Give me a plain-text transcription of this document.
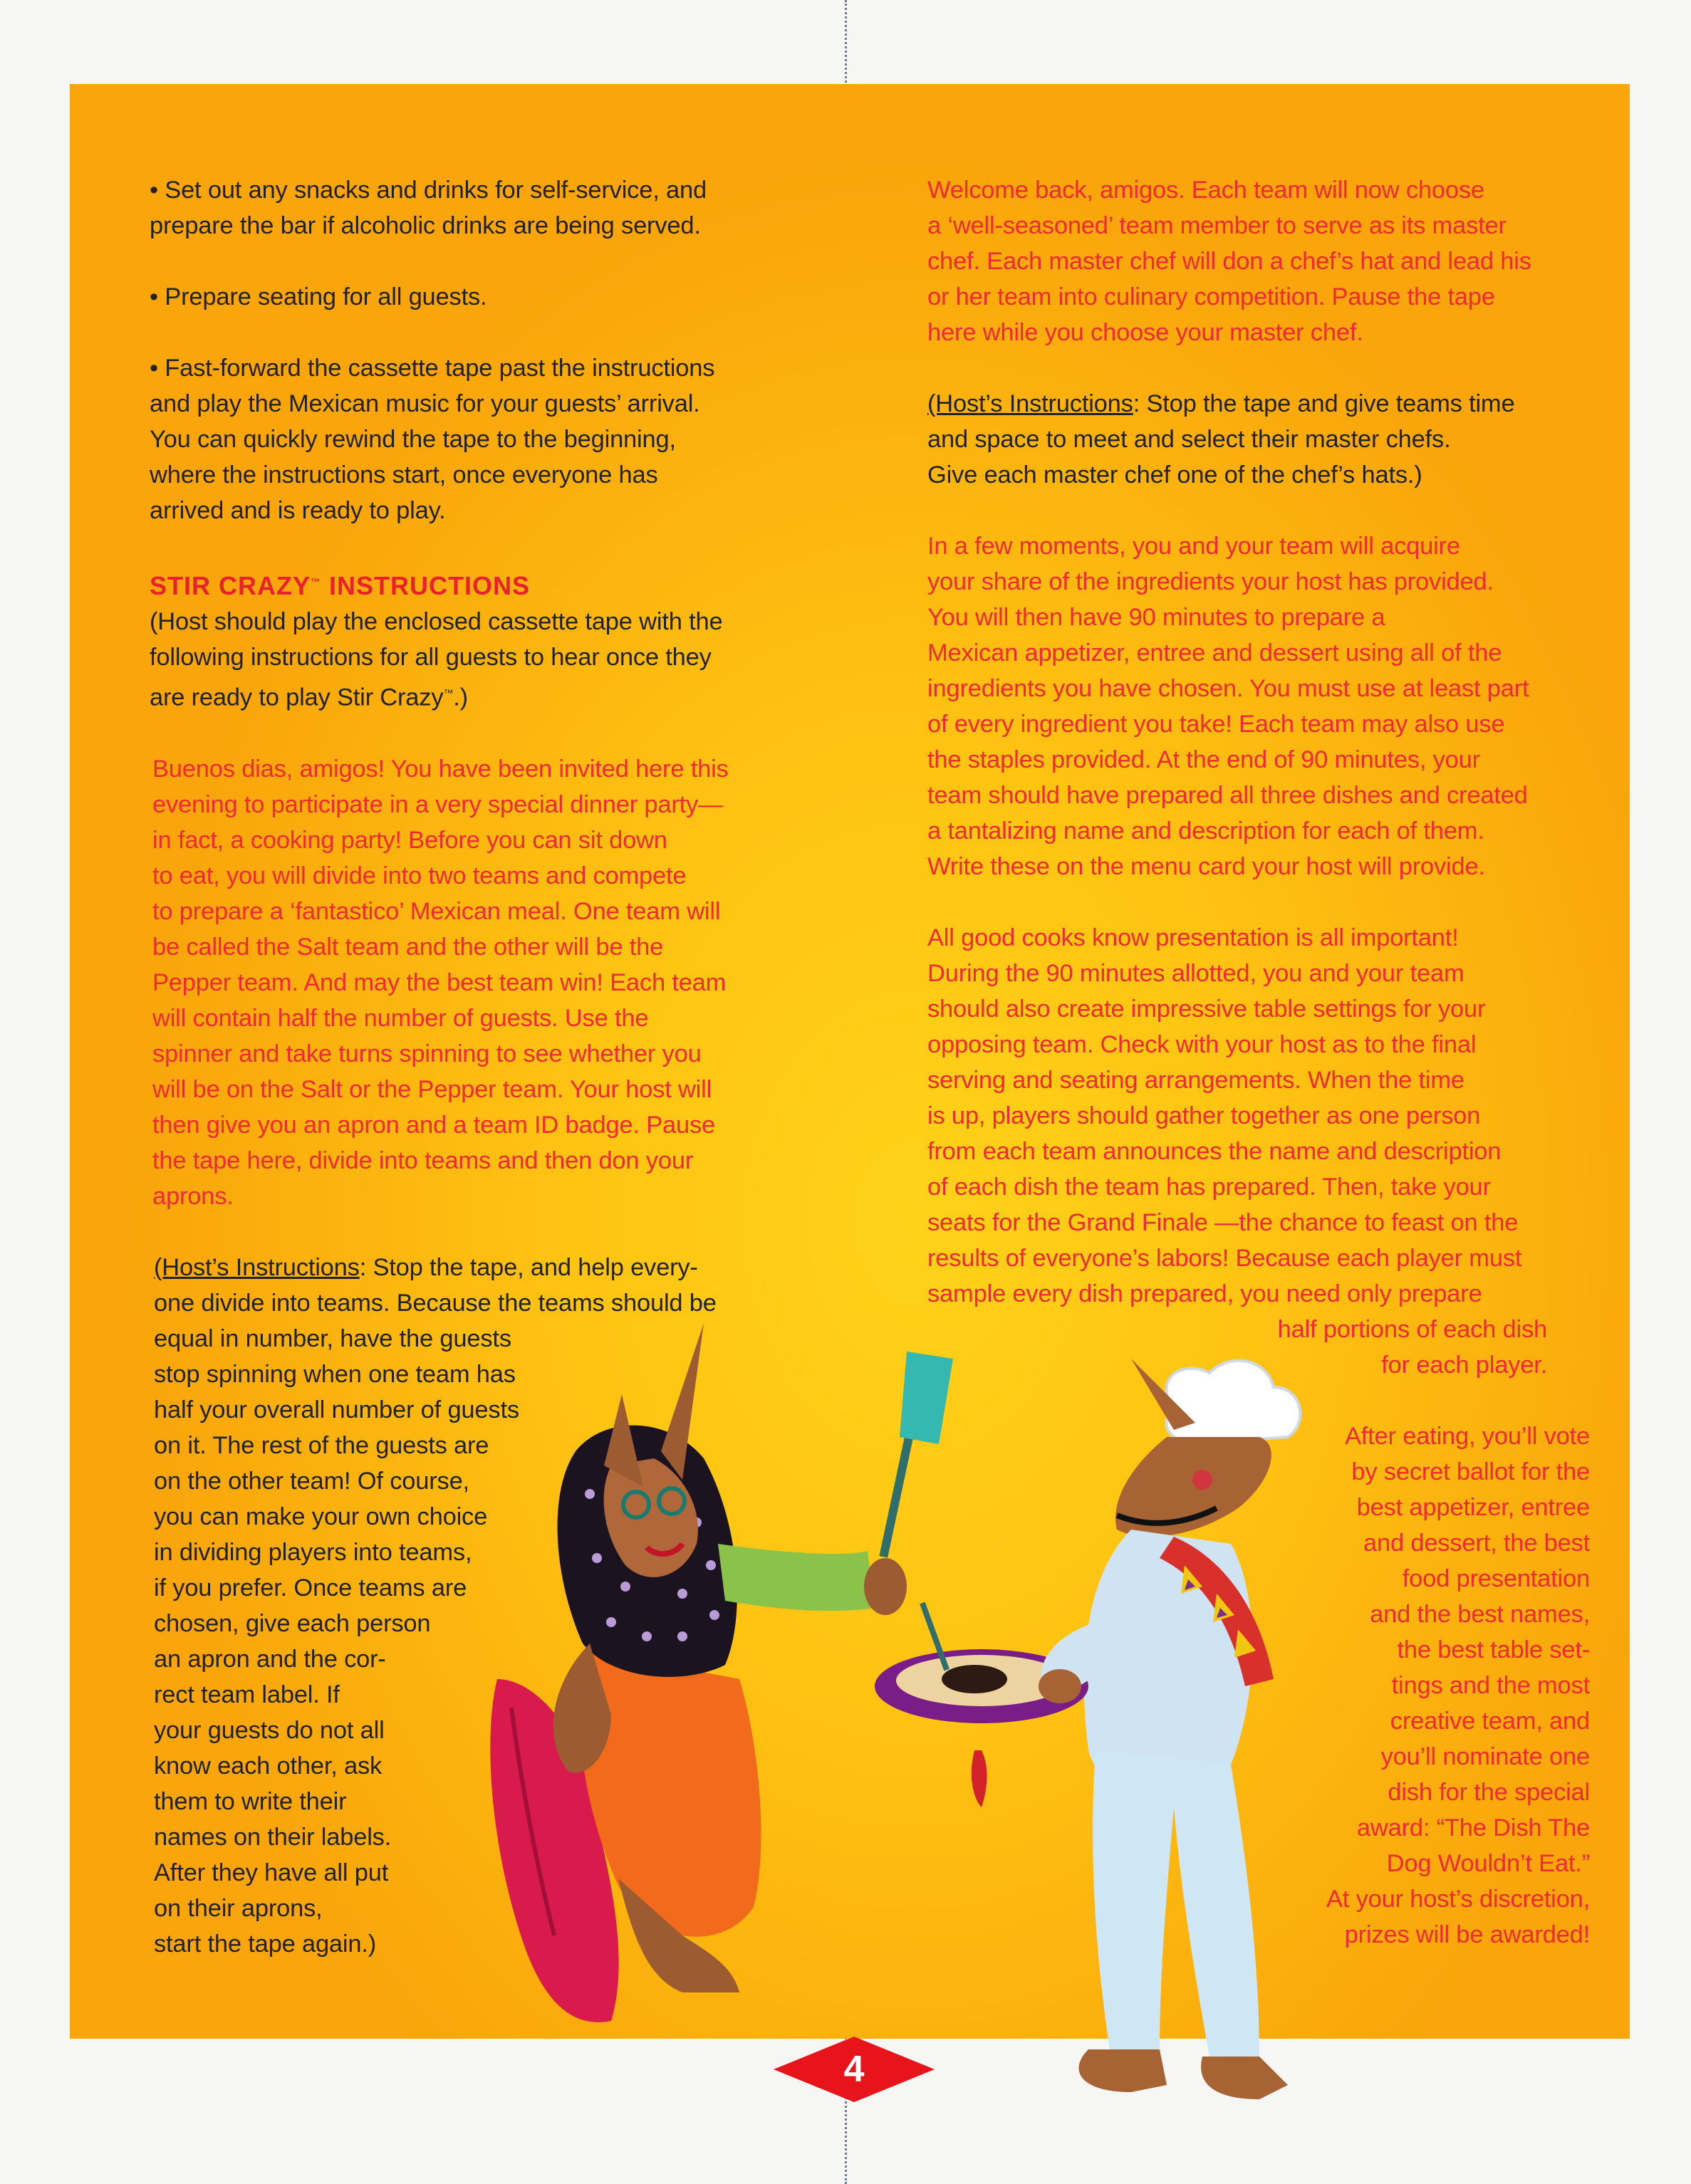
• Set out any snacks and drinks for self-service, and
prepare the bar if alcoholic drinks are being served.
• Prepare seating for all guests.
• Fast-forward the cassette tape past the instructions
and play the Mexican music for your guests’ arrival.
You can quickly rewind the tape to the beginning,
where the instructions start, once everyone has
arrived and is ready to play.
STIR CRAZY™ INSTRUCTIONS
(Host should play the enclosed cassette tape with the
following instructions for all guests to hear once they
are ready to play Stir Crazy™.)
Buenos dias, amigos! You have been invited here this
evening to participate in a very special dinner party—
in fact, a cooking party! Before you can sit down
to eat, you will divide into two teams and compete
to prepare a ‘fantastico’ Mexican meal. One team will
be called the Salt team and the other will be the
Pepper team. And may the best team win! Each team
will contain half the number of guests. Use the
spinner and take turns spinning to see whether you
will be on the Salt or the Pepper team. Your host will
then give you an apron and a team ID badge. Pause
the tape here, divide into teams and then don your
aprons.
(Host’s Instructions: Stop the tape, and help every-
one divide into teams. Because the teams should be
equal in number, have the guests
stop spinning when one team has
half your overall number of guests
on it. The rest of the guests are
on the other team! Of course,
you can make your own choice
in dividing players into teams,
if you prefer. Once teams are
chosen, give each person
an apron and the cor-
rect team label. If
your guests do not all
know each other, ask
them to write their
names on their labels.
After they have all put
on their aprons,
start the tape again.)
Welcome back, amigos. Each team will now choose
a ‘well-seasoned’ team member to serve as its master
chef. Each master chef will don a chef’s hat and lead his
or her team into culinary competition. Pause the tape
here while you choose your master chef.
(Host’s Instructions: Stop the tape and give teams time
and space to meet and select their master chefs.
Give each master chef one of the chef’s hats.)
In a few moments, you and your team will acquire
your share of the ingredients your host has provided.
You will then have 90 minutes to prepare a
Mexican appetizer, entree and dessert using all of the
ingredients you have chosen. You must use at least part
of every ingredient you take! Each team may also use
the staples provided. At the end of 90 minutes, your
team should have prepared all three dishes and created
a tantalizing name and description for each of them.
Write these on the menu card your host will provide.
All good cooks know presentation is all important!
During the 90 minutes allotted, you and your team
should also create impressive table settings for your
opposing team. Check with your host as to the final
serving and seating arrangements. When the time
is up, players should gather together as one person
from each team announces the name and description
of each dish the team has prepared. Then, take your
seats for the Grand Finale —the chance to feast on the
results of everyone’s labors! Because each player must
sample every dish prepared, you need only prepare
half portions of each dish
for each player.
After eating, you’ll vote
by secret ballot for the
best appetizer, entree
and dessert, the best
food presentation
and the best names,
the best table set-
tings and the most
creative team, and
you’ll nominate one
dish for the special
award: “The Dish The
Dog Wouldn’t Eat.”
At your host’s discretion,
prizes will be awarded!
4
